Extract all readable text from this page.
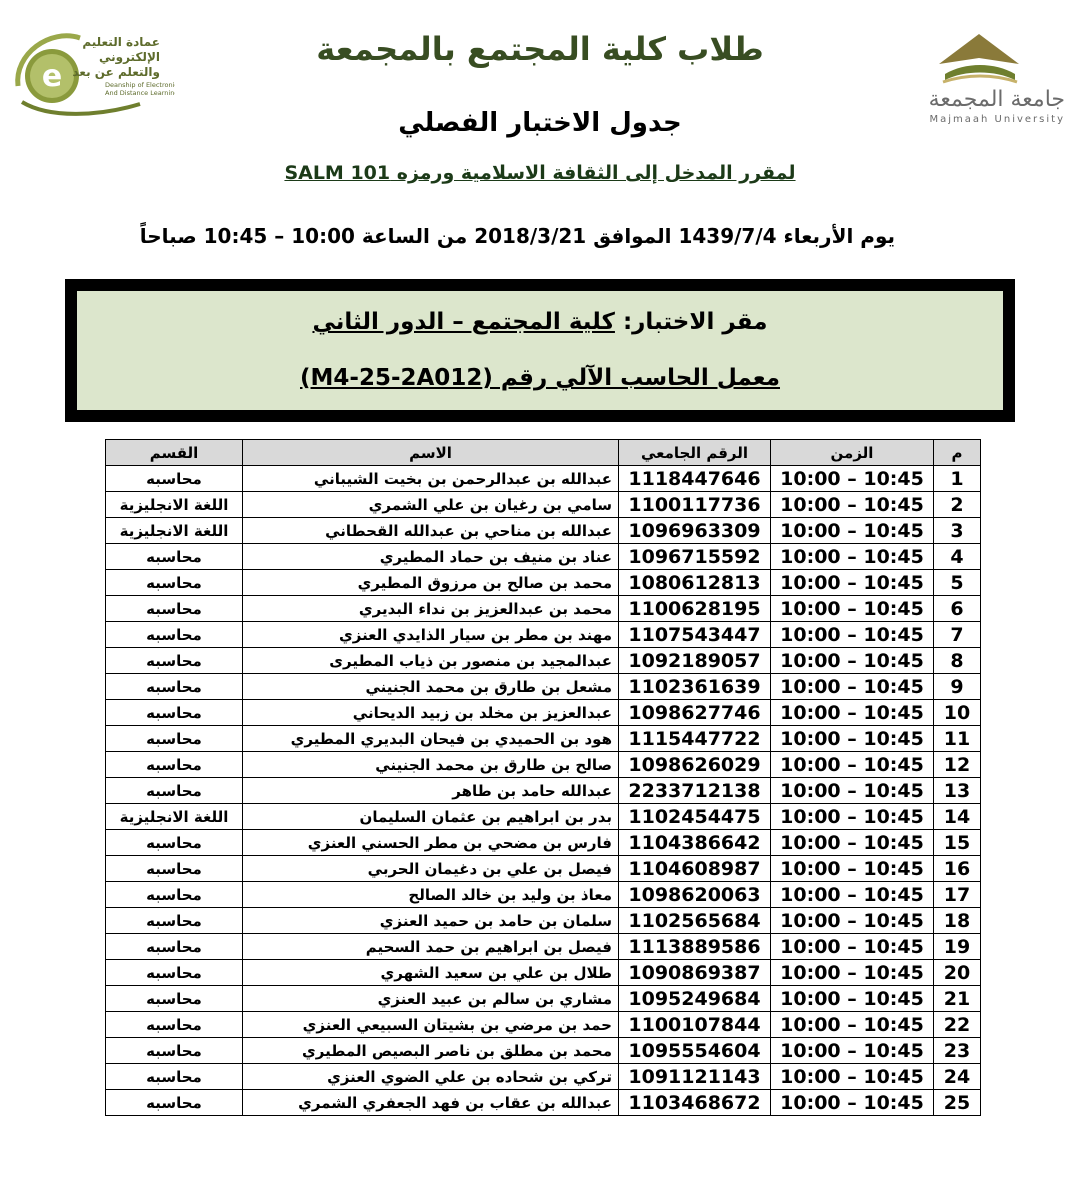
e
عمادة التعليم
الإلكتروني
والتعلم عن بعد
Deanship of Electronic
And Distance Learning	جامعة المجمعة
Majmaah University
طلاب كلية المجتمع بالمجمعة
جدول الاختبار الفصلي
لمقرر المدخل إلى الثقافة الاسلامية ورمزه SALM 101
يوم الأربعاء 1439/7/4 الموافق 2018/3/21 من الساعة 10:00 – 10:45 صباحاً
مقر الاختبار: كلية المجتمع – الدور الثاني
معمل الحاسب الآلي رقم (M4-25-2A012)
م	الزمن	الرقم الجامعي	الاسم	القسم
1	10:00 – 10:45	1118447646	عبدالله بن عبدالرحمن بن بخيت الشيباني	محاسبه
2	10:00 – 10:45	1100117736	سامي بن رغيان بن علي الشمري	اللغة الانجليزية
3	10:00 – 10:45	1096963309	عبدالله بن مناحي بن عبدالله القحطاني	اللغة الانجليزية
4	10:00 – 10:45	1096715592	عناد بن منيف بن حماد المطيري	محاسبه
5	10:00 – 10:45	1080612813	محمد بن صالح بن مرزوق المطيري	محاسبه
6	10:00 – 10:45	1100628195	محمد بن عبدالعزيز بن نداء البديري	محاسبه
7	10:00 – 10:45	1107543447	مهند بن مطر بن سيار الذايدي العنزي	محاسبه
8	10:00 – 10:45	1092189057	عبدالمجيد بن منصور بن ذياب المطيرى	محاسبه
9	10:00 – 10:45	1102361639	مشعل بن طارق بن محمد الجنيني	محاسبه
10	10:00 – 10:45	1098627746	عبدالعزيز بن مخلد بن زبيد الديحاني	محاسبه
11	10:00 – 10:45	1115447722	هود بن الحميدي بن فيحان البديري المطيري	محاسبه
12	10:00 – 10:45	1098626029	صالح بن طارق بن محمد الجنيني	محاسبه
13	10:00 – 10:45	2233712138	عبدالله حامد بن طاهر	محاسبه
14	10:00 – 10:45	1102454475	بدر بن ابراهيم بن عثمان السليمان	اللغة الانجليزية
15	10:00 – 10:45	1104386642	فارس بن مضحي بن مطر الحسني العنزي	محاسبه
16	10:00 – 10:45	1104608987	فيصل بن علي بن دغيمان الحربي	محاسبه
17	10:00 – 10:45	1098620063	معاذ بن وليد بن خالد الصالح	محاسبه
18	10:00 – 10:45	1102565684	سلمان بن حامد بن حميد العنزي	محاسبه
19	10:00 – 10:45	1113889586	فيصل بن ابراهيم بن حمد السحيم	محاسبه
20	10:00 – 10:45	1090869387	طلال بن علي بن سعيد الشهري	محاسبه
21	10:00 – 10:45	1095249684	مشاري بن سالم بن عبيد العنزي	محاسبه
22	10:00 – 10:45	1100107844	حمد بن مرضي بن بشيتان السبيعي العنزي	محاسبه
23	10:00 – 10:45	1095554604	محمد بن مطلق بن ناصر البصيص المطيري	محاسبه
24	10:00 – 10:45	1091121143	تركي بن شحاده بن علي الضوي العنزي	محاسبه
25	10:00 – 10:45	1103468672	عبدالله بن عقاب بن فهد الجعفري الشمري	محاسبه
